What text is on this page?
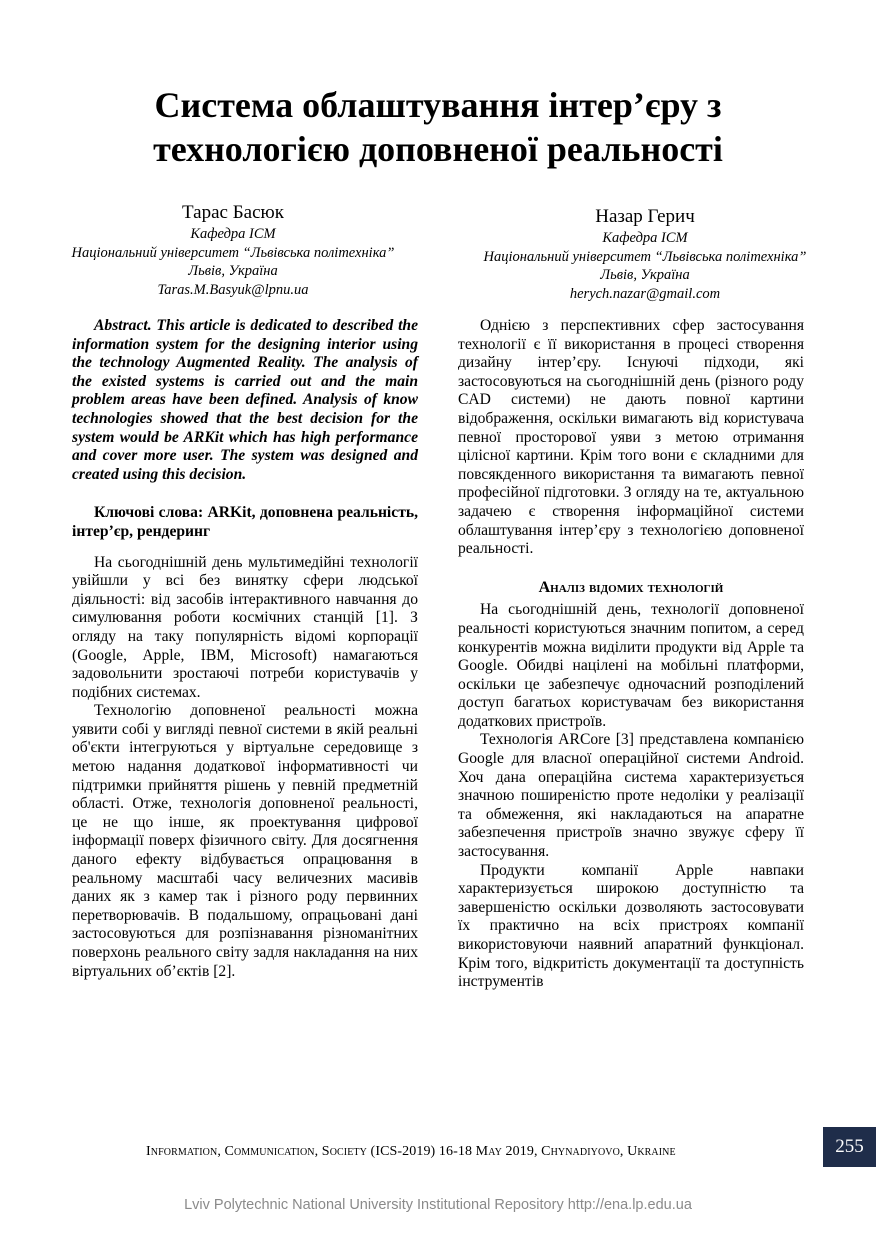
Система облаштування інтер’єру з
технологією доповненої реальності
Тарас Басюк
Кафедра ІСМ
Національний університет “Львівська політехніка”
Львів, Україна
Taras.M.Basyuk@lpnu.ua
Назар Герич
Кафедра ІСМ
Національний університет “Львівська політехніка”
Львів, Україна
herych.nazar@gmail.com

Abstract. This article is dedicated to described the information system for the designing interior using the technology Augmented Reality. The analysis of the existed systems is carried out and the main problem areas have been defined. Analysis of know technologies showed that the best decision for the system would be ARKit which has high performance and cover more user. The system was designed and created using this decision.

Ключові слова: ARKit, доповнена реальність, інтер’єр, рендеринг

На сьогоднішній день мультимедійні технології увійшли у всі без винятку сфери людської діяльності: від засобів інтерактивного навчання до симулювання роботи космічних станцій [1]. З огляду на таку популярність відомі корпорації (Google, Apple, IBM, Microsoft) намагаються задовольнити зростаючі потреби користувачів у подібних системах.

Технологію доповненої реальності можна уявити собі у вигляді певної системи в якій реальні об'єкти інтегруються у віртуальне середовище з метою надання додаткової інформативності чи підтримки прийняття рішень у певній предметній області. Отже, технологія доповненої реальності, це не що інше, як проектування цифрової інформації поверх фізичного світу. Для досягнення даного ефекту відбувається опрацювання в реальному масштабі часу величезних масивів даних як з камер так і різного роду первинних перетворювачів. В подальшому, опрацьовані дані застосовуються для розпізнавання різноманітних поверхонь реального світу задля накладання на них віртуальних об’єктів [2].

Однією з перспективних сфер застосування технології є її використання в процесі створення дизайну інтер’єру. Існуючі підходи, які застосовуються на сьогоднішній день (різного роду CAD системи) не дають повної картини відображення, оскільки вимагають від користувача певної просторової уяви з метою отримання цілісної картини. Крім того вони є складними для повсякденного використання та вимагають певної професійної підготовки. З огляду на те, актуальною задачею є створення інформаційної системи облаштування інтер’єру з технологією доповненої реальності.

Аналіз відомих технологій

На сьогоднішній день, технології доповненої реальності користуються значним попитом, а серед конкурентів можна виділити продукти від Apple та Google. Обидві націлені на мобільні платформи, оскільки це забезпечує одночасний розподілений доступ багатьох користувачам без використання додаткових пристроїв.

Технологія ARCore [3] представлена компанією Google для власної операційної системи Android. Хоч дана операційна система характеризується значною поширеністю проте недоліки у реалізації та обмеження, які накладаються на апаратне забезпечення пристроїв значно звужує сферу її застосування.

Продукти компанії Apple навпаки характеризується широкою доступністю та завершеністю оскільки дозволяють застосовувати їх практично на всіх пристроях компанії використовуючи наявний апаратний функціонал. Крім того, відкритість документації та доступність інструментів

Information, Communication, Society (ICS-2019) 16-18 May 2019, Chynadiyovo, Ukraine	255
Lviv Polytechnic National University Institutional Repository http://ena.lp.edu.ua
